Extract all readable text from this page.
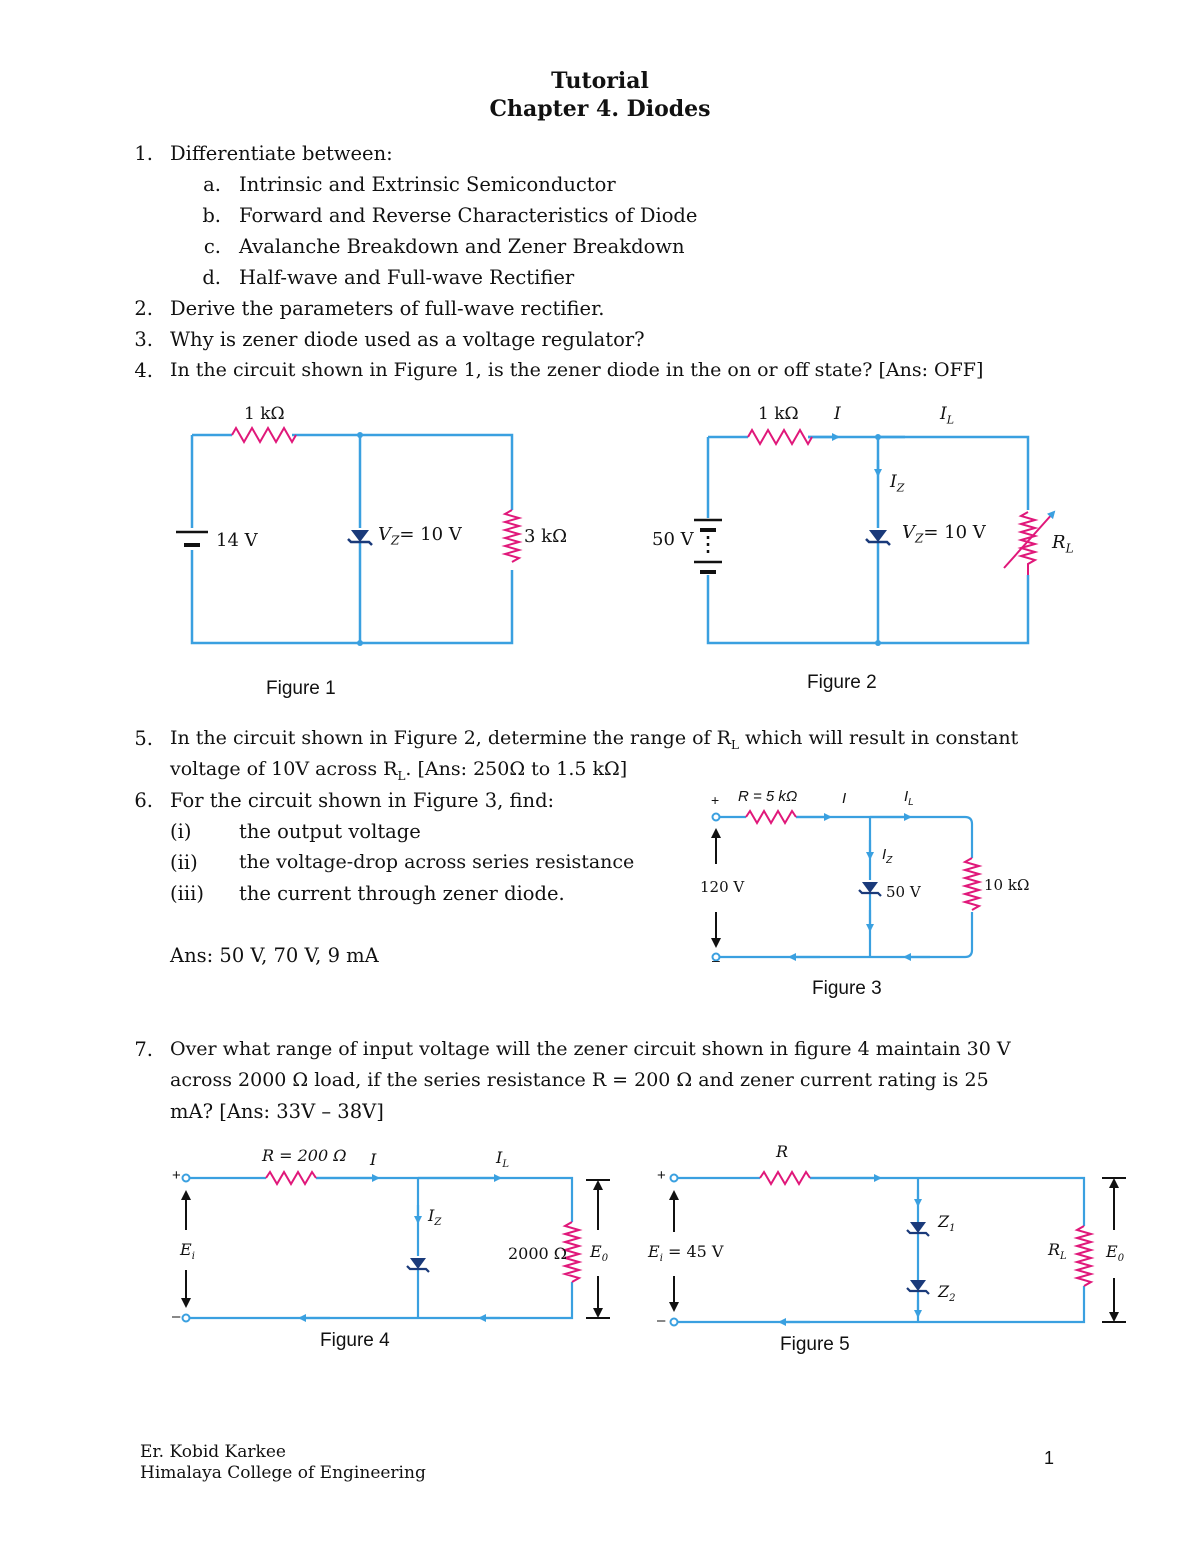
Tutorial
Chapter 4. Diodes
1. Differentiate between:
a. Intrinsic and Extrinsic Semiconductor
b. Forward and Reverse Characteristics of Diode
c. Avalanche Breakdown and Zener Breakdown
d. Half-wave and Full-wave Rectifier
2. Derive the parameters of full-wave rectifier.
3. Why is zener diode used as a voltage regulator?
4. In the circuit shown in Figure 1, is the zener diode in the on or off state? [Ans: OFF]
5. In the circuit shown in Figure 2, determine the range of $R_L$ which will result in constant
voltage of 10V across $R_L$. [Ans: 250Ω to 1.5 kΩ]
6. For the circuit shown in Figure 3, find:
(i) the output voltage
(ii) the voltage-drop across series resistance
(iii) the current through zener diode.
Ans: 50 V, 70 V, 9 mA
7. Over what range of input voltage will the zener circuit shown in figure 4 maintain 30 V
across 2000 Ω load, if the series resistance R = 200 Ω and zener current rating is 25
mA? [Ans: 33V – 38V]
1 kΩ
14 V	$V_Z= 10$ V	3 kΩ
Figure 1
1 kΩ I	$I_L$
$I_Z$
50 V	$V_Z= 10$ V	$R_L$
Figure 2
R = 5 kΩ	I	$I_L$
$I_Z$
+
–
120 V	50 V	10 kΩ
Figure 3
R = 200 Ω I	$I_L$
$I_Z$
+
–
$E_i$	2000 Ω $E_0$
Figure 4
R
+
–
$E_i = 45$ V
$Z_1$
$Z_2$
$R_L$ $E_0$
Figure 5
Er. Kobid Karkee
Himalaya College of Engineering
1
